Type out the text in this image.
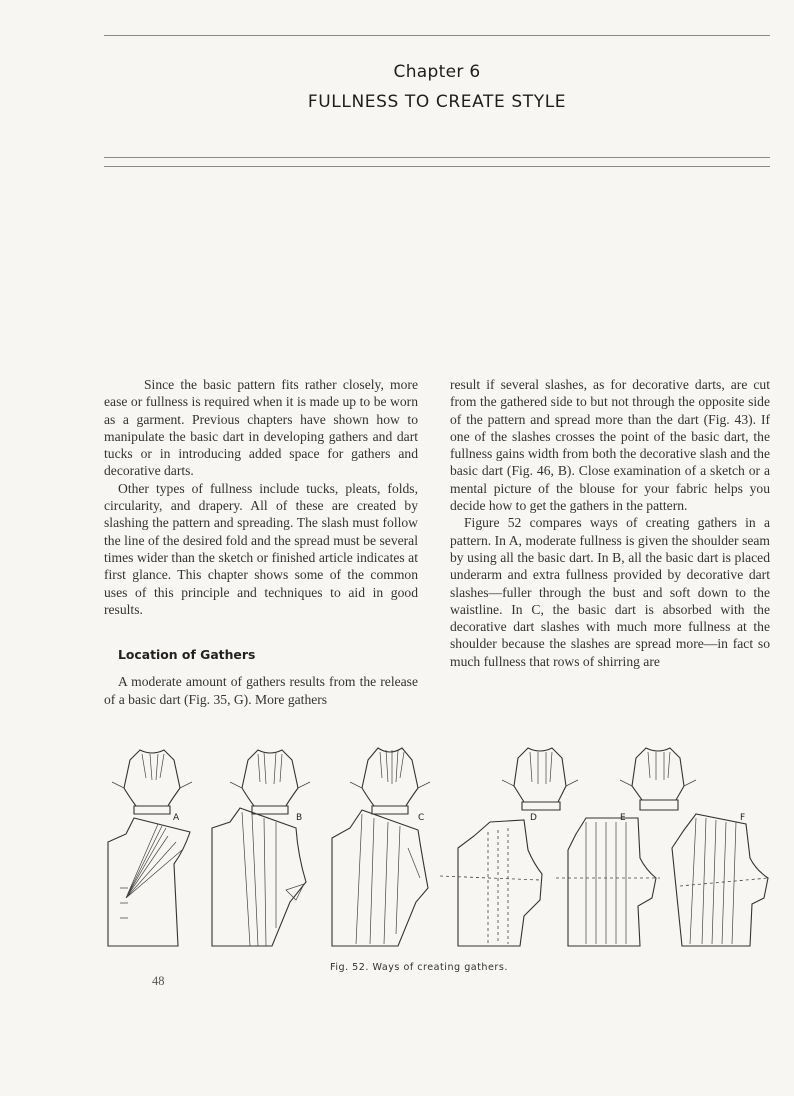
Chapter 6
FULLNESS TO CREATE STYLE

Since the basic pattern fits rather closely, more ease or fullness is required when it is made up to be worn as a garment. Previous chapters have shown how to manipulate the basic dart in developing gathers and dart tucks or in introducing added space for gathers and decorative darts.

Other types of fullness include tucks, pleats, folds, circularity, and drapery. All of these are created by slashing the pattern and spreading. The slash must follow the line of the desired fold and the spread must be several times wider than the sketch or finished article indicates at first glance. This chapter shows some of the common uses of this principle and techniques to aid in good results.

Location of Gathers

A moderate amount of gathers results from the release of a basic dart (Fig. 35, G). More gathers

result if several slashes, as for decorative darts, are cut from the gathered side to but not through the opposite side of the pattern and spread more than the dart (Fig. 43). If one of the slashes crosses the point of the basic dart, the fullness gains width from both the decorative slash and the basic dart (Fig. 46, B). Close examination of a sketch or a mental picture of the blouse for your fabric helps you decide how to get the gathers in the pattern.

Figure 52 compares ways of creating gathers in a pattern. In A, moderate fullness is given the shoulder seam by using all the basic dart. In B, all the basic dart is placed underarm and extra fullness provided by decorative dart slashes—fuller through the bust and soft down to the waistline. In C, the basic dart is absorbed with the decorative dart slashes with much more fullness at the shoulder because the slashes are spread more—in fact so much fullness that rows of shirring are

A	B	C	D	E	F
48
Fig. 52. Ways of creating gathers.
